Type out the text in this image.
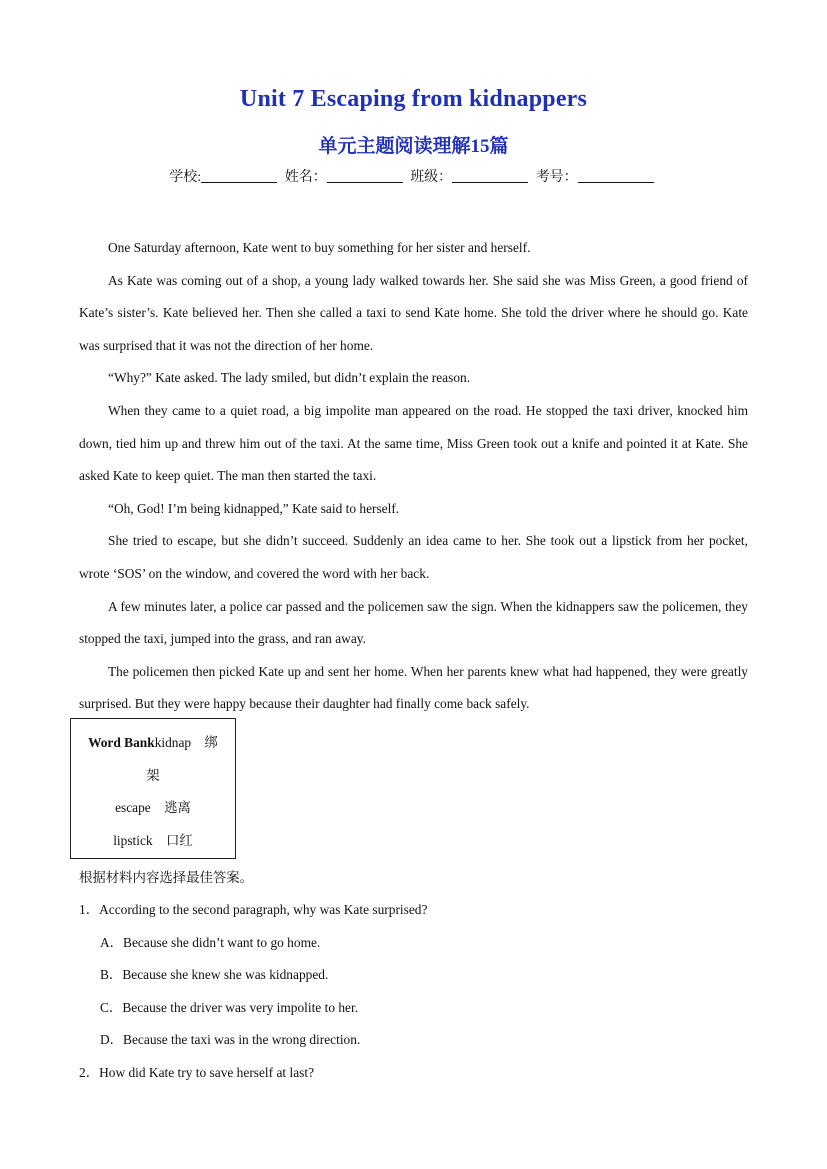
Unit 7 Escaping from kidnappers
单元主题阅读理解15篇
学校:	姓名：	班级：	考号：

One Saturday afternoon, Kate went to buy something for her sister and herself.

As Kate was coming out of a shop, a young lady walked towards her. She said she was Miss Green, a good friend of Kate’s sister’s. Kate believed her. Then she called a taxi to send Kate home. She told the driver where he should go. Kate was surprised that it was not the direction of her home.

“Why?” Kate asked. The lady smiled, but didn’t explain the reason.

When they came to a quiet road, a big impolite man appeared on the road. He stopped the taxi driver, knocked him down, tied him up and threw him out of the taxi. At the same time, Miss Green took out a knife and pointed it at Kate. She asked Kate to keep quiet. The man then started the taxi.

“Oh, God! I’m being kidnapped,” Kate said to herself.

She tried to escape, but she didn’t succeed. Suddenly an idea came to her. She took out a lipstick from her pocket, wrote ‘SOS’ on the window, and covered the word with her back.

A few minutes later, a police car passed and the policemen saw the sign. When the kidnappers saw the policemen, they stopped the taxi, jumped into the grass, and ran away.

The policemen then picked Kate up and sent her home. When her parents knew what had happened, they were greatly surprised. But they were happy because their daughter had finally come back safely.

Word Bankkidnap　绑
架
escape　逃离
lipstick　口红
根据材料内容选择最佳答案。

1．According to the second paragraph, why was Kate surprised?

A．Because she didn’t want to go home.

B．Because she knew she was kidnapped.

C．Because the driver was very impolite to her.

D．Because the taxi was in the wrong direction.

2．How did Kate try to save herself at last?
